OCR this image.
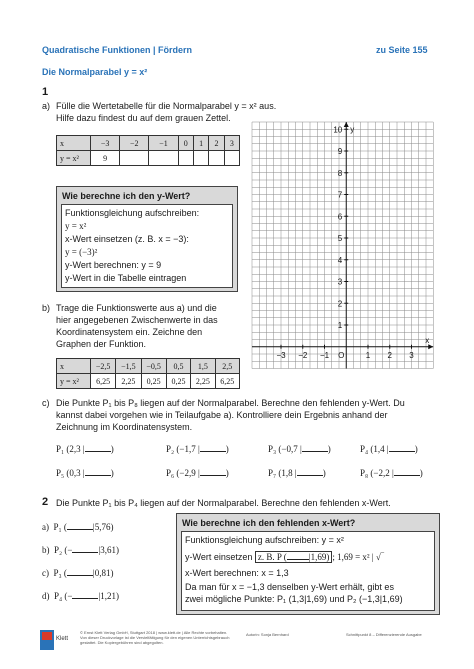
Quadratische Funktionen | Fördern	zu Seite 155
Die Normalparabel y = x²
1
a) Fülle die Wertetabelle für die Normalparabel y = x² aus.
Hilfe dazu findest du auf dem grauen Zettel.
x	−3	−2	−1	0	1	2	3
y = x²	9						
Wie berechne ich den y-Wert?
Funktionsgleichung aufschreiben:
y = x²
x-Wert einsetzen (z. B. x = −3):
y = (−3)²
y-Wert berechnen: y = 9
y-Wert in die Tabelle eintragen
b) Trage die Funktionswerte aus a) und die
hier angegebenen Zwischenwerte in das
Koordinatensystem ein. Zeichne den
Graphen der Funktion.
x	−2,5	−1,5	−0,5	0,5	1,5	2,5
y = x²	6,25	2,25	0,25	0,25	2,25	6,25
−3 −2 −1 O	1 2 3
10
9
8
7
6
5
4
3
2
1
x
y
c) Die Punkte P₁ bis P₈ liegen auf der Normalparabel. Berechne den fehlenden y-Wert. Du
kannst dabei vorgehen wie in Teilaufgabe a). Kontrolliere dein Ergebnis anhand der
Zeichnung im Koordinatensystem.
P₁ (2,3 |	)	P₂ (−1,7 |	)	P₃ (−0,7 |	)	P₄ (1,4 |	)
P₅ (0,3 |	)	P₆ (−2,9 |	)	P₇ (1,8 |	)	P₈ (−2,2 |	)
2 Die Punkte P₁ bis P₄ liegen auf der Normalparabel. Berechne den fehlenden x-Wert.
a) P₁ (	|5,76)
b) P₂ (−	|3,61)
c) P₃ (	|0,81)
d) P₄ (−	|1,21)
Wie berechne ich den fehlenden x-Wert?
Funktionsgleichung aufschreiben: y = x²
y-Wert einsetzen z. B. P ( |1,69) ; 1,69 = x² | √‾
x-Wert berechnen: x = 1,3
Da man für x = −1,3 denselben y-Wert erhält, gibt es
zwei mögliche Punkte: P₁ (1,3|1,69) und P₂ (−1,3|1,69)
Klett
© Ernst Klett Verlag GmbH, Stuttgart 2018 | www.klett.de | Alle Rechte vorbehalten.
Von dieser Druckvorlage ist die Vervielfältigung für den eigenen Unterrichtsgebrauch
gestattet. Die Kopiergebühren sind abgegolten.
Autorin: Sonja Bernhard	Schnittpunkt 8 – Differenzierende Ausgabe
